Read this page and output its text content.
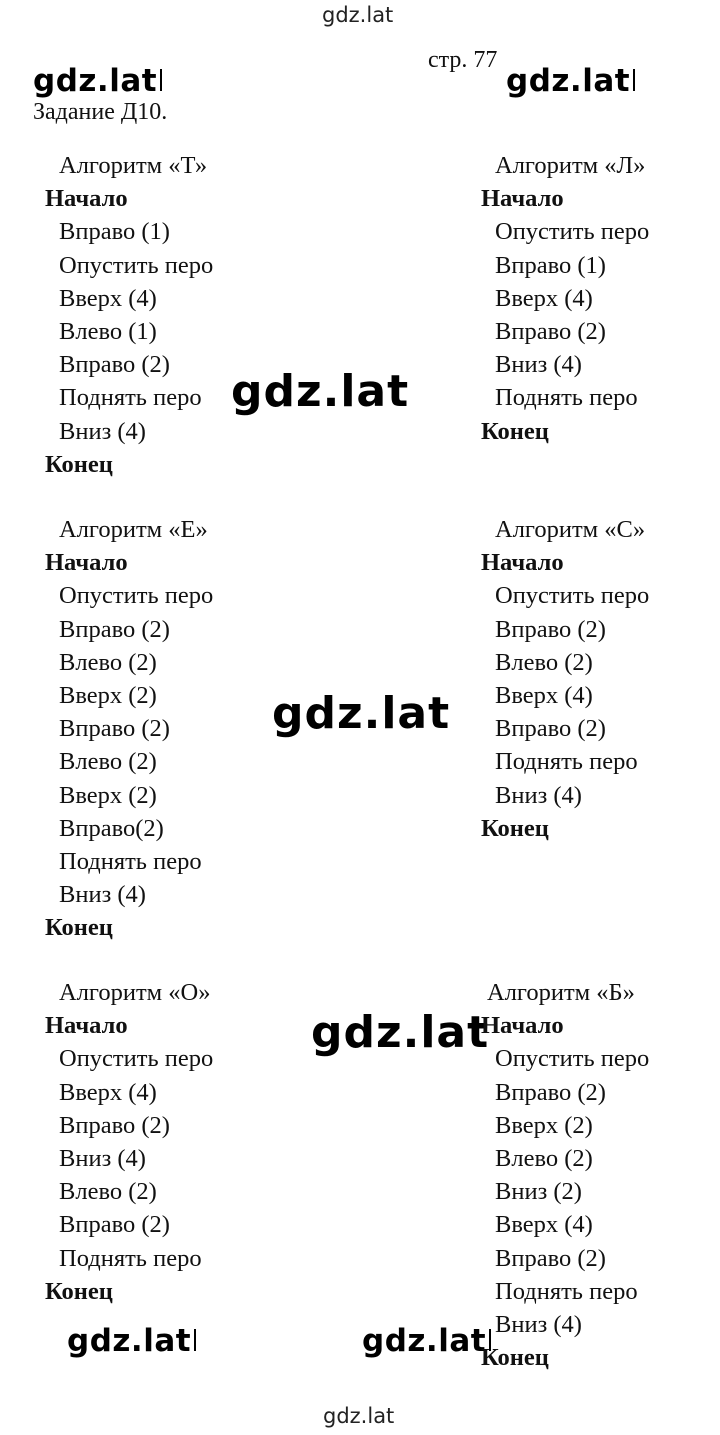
gdz.lat
gdz.lat	gdz.lat
gdz.lat
gdz.lat
gdz.lat
gdz.lat	gdz.lat
gdz.lat
стр. 77
Задание Д10.
Алгоритм «Т»
Начало
Вправо (1)
Опустить перо
Вверх (4)
Влево (1)
Вправо (2)
Поднять перо
Вниз (4)
Конец
Алгоритм «Л»
Начало
Опустить перо
Вправо (1)
Вверх (4)
Вправо (2)
Вниз (4)
Поднять перо
Конец
Алгоритм «Е»
Начало
Опустить перо
Вправо (2)
Влево (2)
Вверх (2)
Вправо (2)
Влево (2)
Вверх (2)
Вправо(2)
Поднять перо
Вниз (4)
Конец
Алгоритм «С»
Начало
Опустить перо
Вправо (2)
Влево (2)
Вверх (4)
Вправо (2)
Поднять перо
Вниз (4)
Конец
Алгоритм «О»
Начало
Опустить перо
Вверх (4)
Вправо (2)
Вниз (4)
Влево (2)
Вправо (2)
Поднять перо
Конец
Алгоритм «Б»
Начало
Опустить перо
Вправо (2)
Вверх (2)
Влево (2)
Вниз (2)
Вверх (4)
Вправо (2)
Поднять перо
Вниз (4)
Конец
